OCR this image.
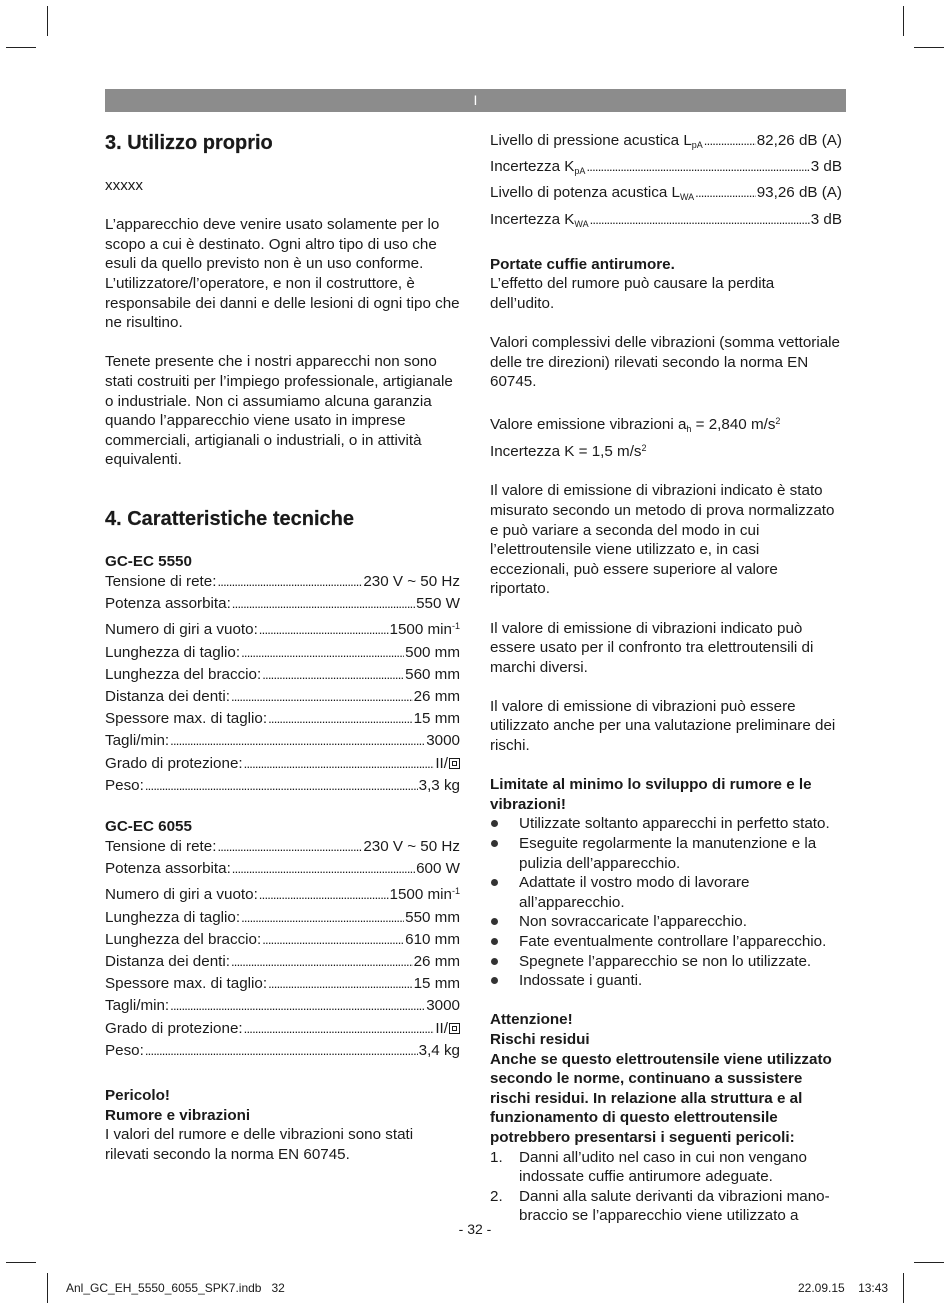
I
3. Utilizzo proprio

xxxxx

L’apparecchio deve venire usato solamente per lo scopo a cui è destinato. Ogni altro tipo di uso che esuli da quello previsto non è un uso conforme. L’utilizzatore/l’operatore, e non il costruttore, è responsabile dei danni e delle lesioni di ogni tipo che ne risultino.

Tenete presente che i nostri apparecchi non sono stati costruiti per l’impiego professionale, artigianale o industriale. Non ci assumiamo alcuna garanzia quando l’apparecchio viene usato in imprese commerciali, artigianali o industriali, o in attività equivalenti.

4. Caratteristiche tecniche
GC-EC 5550
Tensione di rete: . . .	230 V ~ 50 Hz
Potenza assorbita: . . .	550 W
Numero di giri a vuoto: . . .	1500 $\min^{-1}$
Lunghezza di taglio: . . .	500 mm
Lunghezza del braccio: . . .	560 mm
Distanza dei denti: . . .	26 mm
Spessore max. di taglio: . . .	15 mm
Tagli/min: . . .	3000
Grado di protezione: . . .	II/
Peso: . . .	3,3 kg
GC-EC 6055
Tensione di rete: . . .	230 V ~ 50 Hz
Potenza assorbita: . . .	600 W
Numero di giri a vuoto: . . .	1500 $\min^{-1}$
Lunghezza di taglio: . . .	550 mm
Lunghezza del braccio: . . .	610 mm
Distanza dei denti: . . .	26 mm
Spessore max. di taglio: . . .	15 mm
Tagli/min: . . .	3000
Grado di protezione: . . .	II/
Peso: . . .	3,4 kg

Pericolo!

Rumore e vibrazioni

I valori del rumore e delle vibrazioni sono stati rilevati secondo la norma EN 60745.

Livello di pressione acustica $L_{pA}$ . . .	82,26 dB (A)
Incertezza $K_{pA}$ . . .	3 dB
Livello di potenza acustica $L_{WA}$ . . .	93,26 dB (A)
Incertezza $K_{WA}$ . . .	3 dB

Portate cuffie antirumore.

L’effetto del rumore può causare la perdita dell’udito.

Valori complessivi delle vibrazioni (somma vettoriale delle tre direzioni) rilevati secondo la norma EN 60745.

Valore emissione vibrazioni $a_h = 2,840$ $m/s^2$

Incertezza K = 1,5 $m/s^2$

Il valore di emissione di vibrazioni indicato è stato misurato secondo un metodo di prova normalizzato e può variare a seconda del modo in cui l’elettroutensile viene utilizzato e, in casi eccezionali, può essere superiore al valore riportato.

Il valore di emissione di vibrazioni indicato può essere usato per il confronto tra elettroutensili di marchi diversi.

Il valore di emissione di vibrazioni può essere utilizzato anche per una valutazione preliminare dei rischi.

Limitate al minimo lo sviluppo di rumore e le vibrazioni!

Utilizzate soltanto apparecchi in perfetto stato.
Eseguite regolarmente la manutenzione e la pulizia dell’apparecchio.
Adattate il vostro modo di lavorare all’apparecchio.
Non sovraccaricate l’apparecchio.
Fate eventualmente controllare l’apparecchio.
Spegnete l’apparecchio se non lo utilizzate.
Indossate i guanti.

Attenzione!

Rischi residui

Anche se questo elettroutensile viene utilizzato secondo le norme, continuano a sussistere rischi residui. In relazione alla struttura e al funzionamento di questo elettroutensile potrebbero presentarsi i seguenti pericoli:

1. Danni all’udito nel caso in cui non vengano indossate cuffie antirumore adeguate.
2. Danni alla salute derivanti da vibrazioni mano-braccio se l’apparecchio viene utilizzato a
- 32 -
Anl_GC_EH_5550_6055_SPK7.indb   32	22.09.15 13:43
